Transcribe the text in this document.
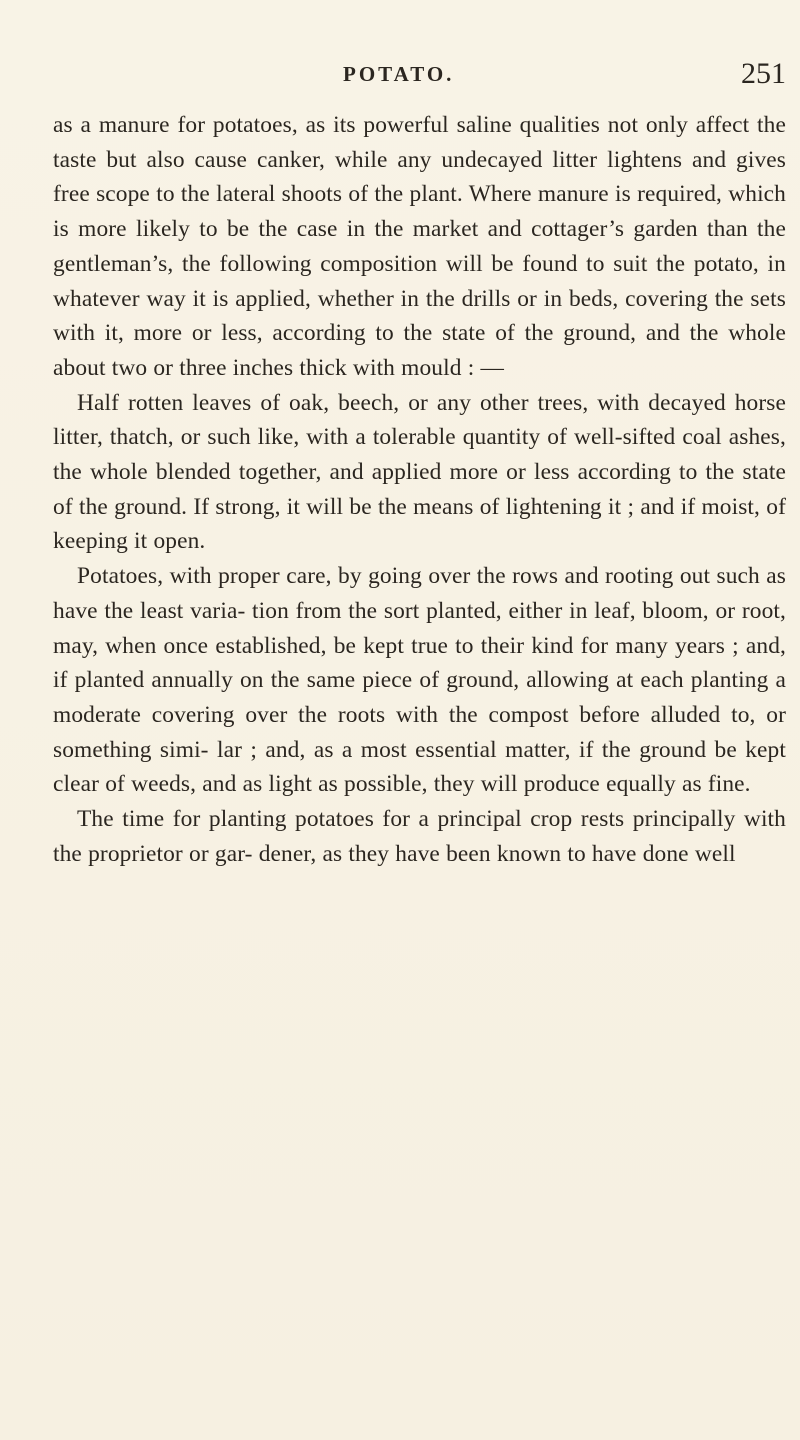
POTATO.	251

as a manure for potatoes, as its powerful saline qualities not only affect the taste but also cause canker, while any undecayed litter lightens and gives free scope to the lateral shoots of the plant. Where manure is required, which is more likely to be the case in the market and cottager’s garden than the gentleman’s, the following composition will be found to suit the potato, in whatever way it is applied, whether in the drills or in beds, covering the sets with it, more or less, according to the state of the ground, and the whole about two or three inches thick with mould : —

Half rotten leaves of oak, beech, or any other trees, with decayed horse litter, thatch, or such like, with a tolerable quantity of well-sifted coal ashes, the whole blended together, and applied more or less according to the state of the ground. If strong, it will be the means of lightening it ; and if moist, of keeping it open.

Potatoes, with proper care, by going over the rows and rooting out such as have the least varia- tion from the sort planted, either in leaf, bloom, or root, may, when once established, be kept true to their kind for many years ; and, if planted annually on the same piece of ground, allowing at each planting a moderate covering over the roots with the compost before alluded to, or something simi- lar ; and, as a most essential matter, if the ground be kept clear of weeds, and as light as possible, they will produce equally as fine.

The time for planting potatoes for a principal crop rests principally with the proprietor or gar- dener, as they have been known to have done well
